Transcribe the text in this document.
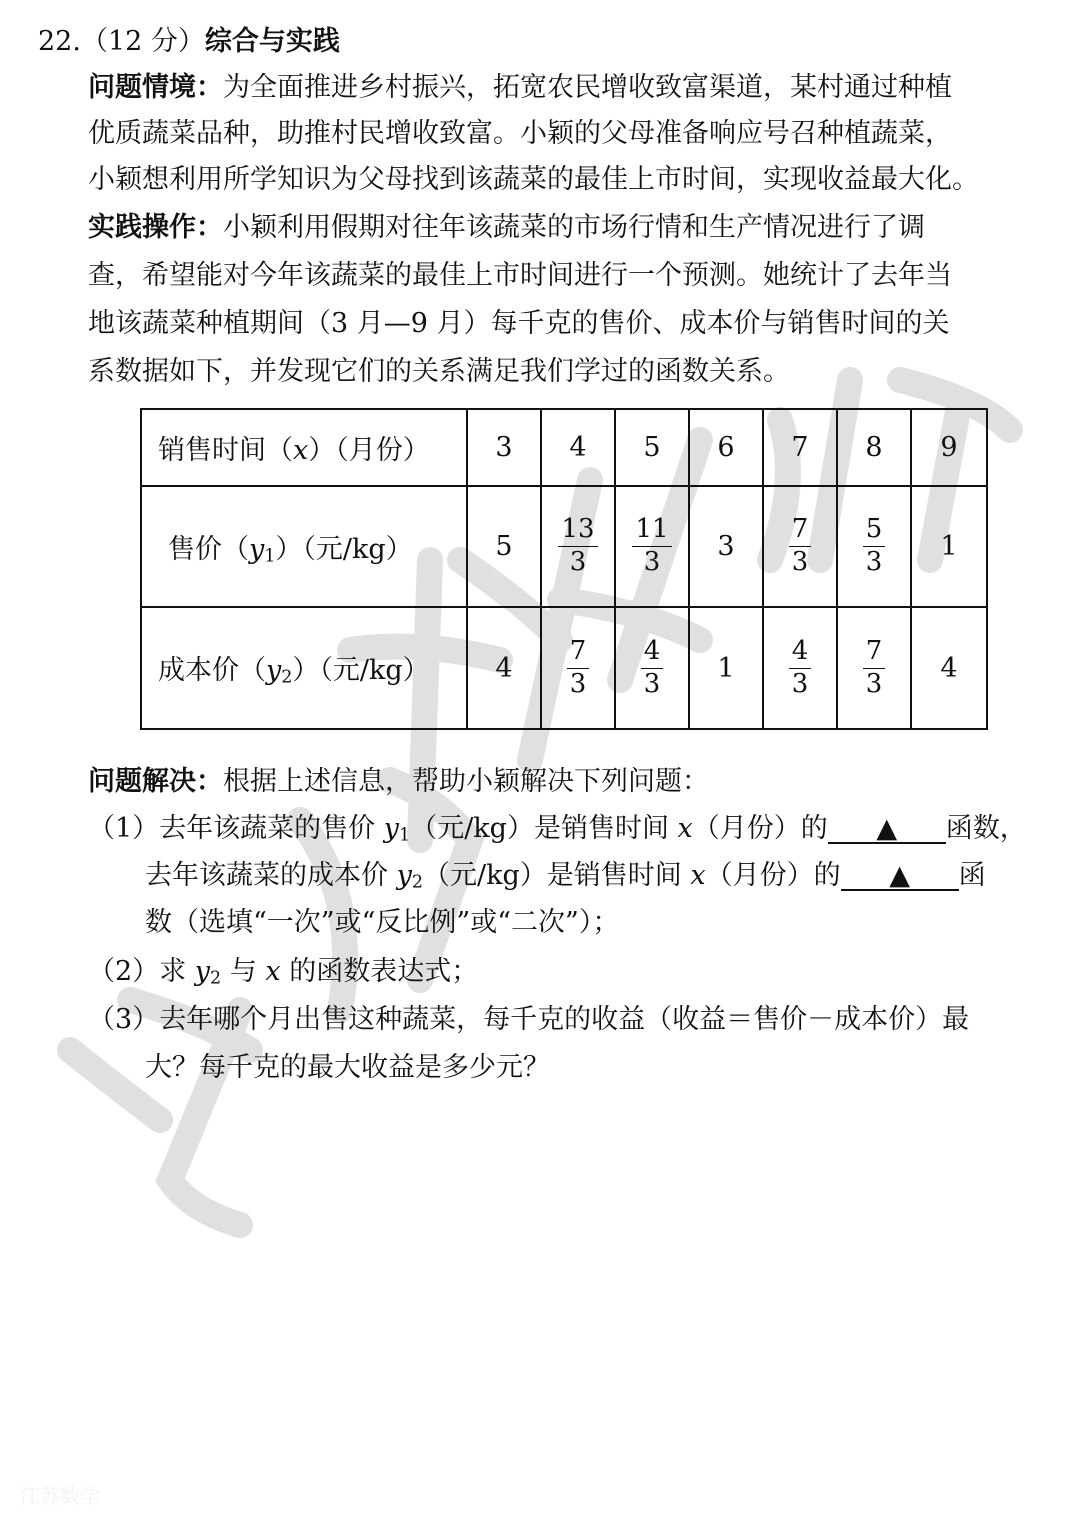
22.（12 分）综合与实践
问题情境：为全面推进乡村振兴，拓宽农民增收致富渠道，某村通过种植
优质蔬菜品种，助推村民增收致富。小颖的父母准备响应号召种植蔬菜，
小颖想利用所学知识为父母找到该蔬菜的最佳上市时间，实现收益最大化。
实践操作：小颖利用假期对往年该蔬菜的市场行情和生产情况进行了调
查，希望能对今年该蔬菜的最佳上市时间进行一个预测。她统计了去年当
地该蔬菜种植期间（3 月—9 月）每千克的售价、成本价与销售时间的关
系数据如下，并发现它们的关系满足我们学过的函数关系。
销售时间（x）（月份）	3	4	5	6	7	8	9
售价$(y_1)$（元/kg）	5	$\frac{13}{3}$	$\frac{11}{3}$	3	$\frac{7}{3}$	$\frac{5}{3}$	1
成本价$(y_2)$（元/kg）	4	$\frac{7}{3}$	$\frac{4}{3}$	1	$\frac{4}{3}$	$\frac{7}{3}$	4
问题解决：根据上述信息，帮助小颖解决下列问题：
（1）去年该蔬菜的售价 $y_1$（元/kg）是销售时间 x（月份）的 ▲ 函数，
去年该蔬菜的成本价 $y_2$（元/kg）是销售时间 x（月份）的 ▲ 函
数（选填“一次”或“反比例”或“二次”）；
（2）求 $y_2$ 与 x 的函数表达式；
（3）去年哪个月出售这种蔬菜，每千克的收益（收益＝售价－成本价）最
大？每千克的最大收益是多少元？
江苏数学
